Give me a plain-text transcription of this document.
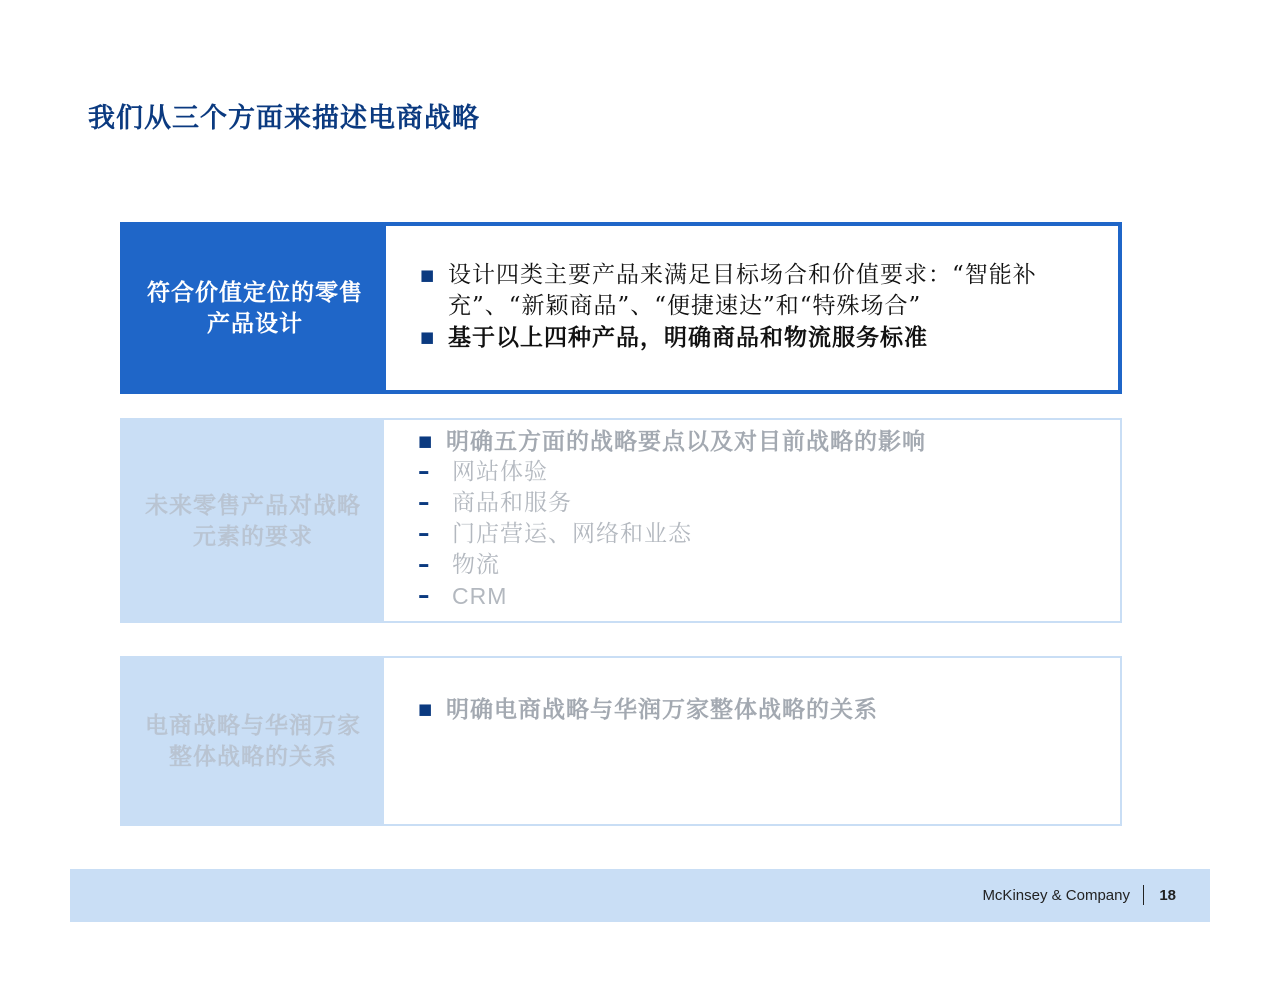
我们从三个方面来描述电商战略
符合价值定位的零售
产品设计
■ 设计四类主要产品来满足目标场合和价值要求：“智能补充”、“新颖商品”、“便捷速达”和“特殊场合”
■ 基于以上四种产品，明确商品和物流服务标准
未来零售产品对战略
元素的要求
■ 明确五方面的战略要点以及对目前战略的影响
– 网站体验
– 商品和服务
– 门店营运、网络和业态
– 物流
– CRM
电商战略与华润万家
整体战略的关系
■ 明确电商战略与华润万家整体战略的关系
McKinsey & Company 18
